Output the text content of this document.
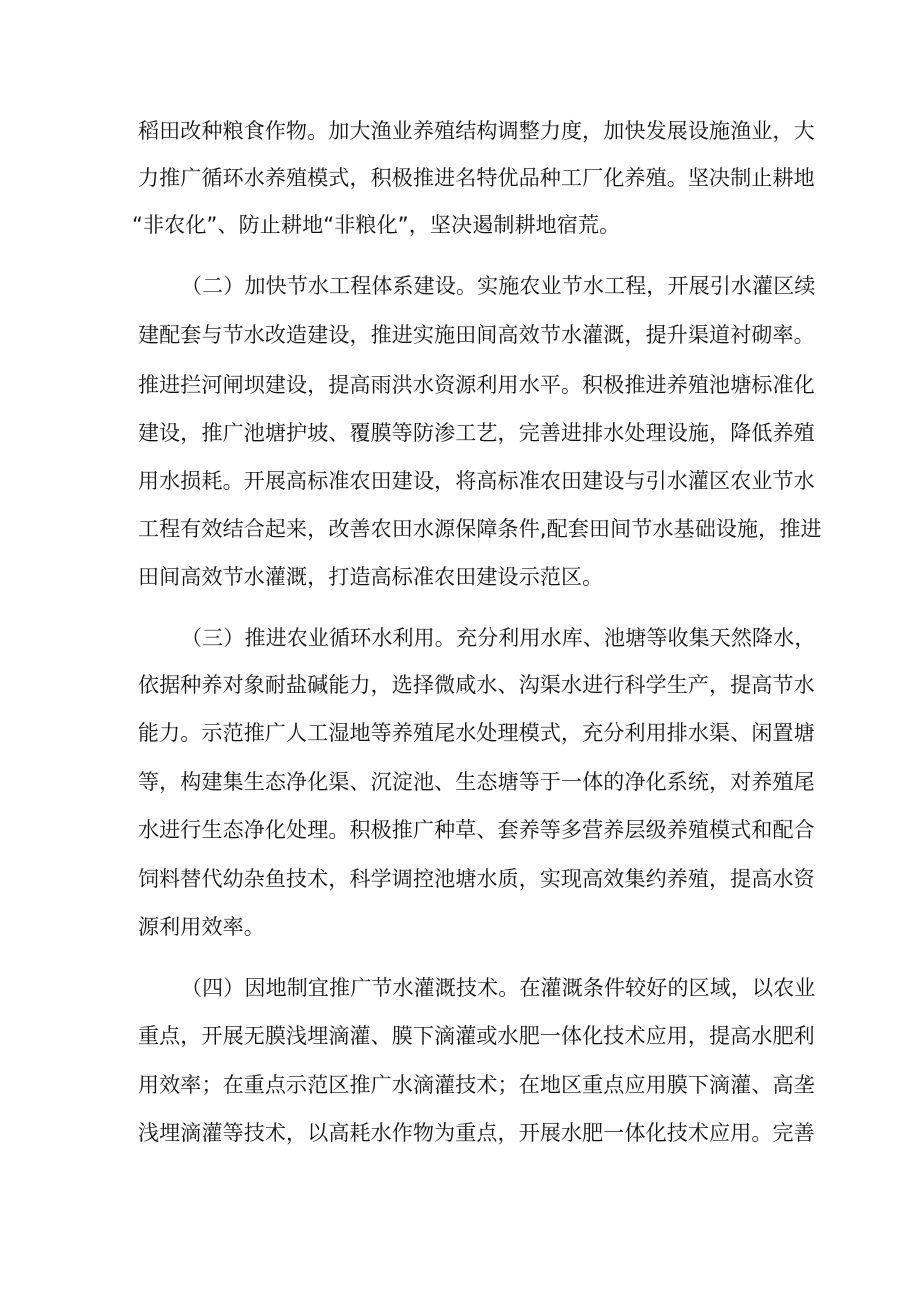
稻田改种粮食作物。加大渔业养殖结构调整力度，加快发展设施渔业，大
力推广循环水养殖模式，积极推进名特优品种工厂化养殖。坚决制止耕地
“非农化”、防止耕地“非粮化”，坚决遏制耕地宿荒。
（二）加快节水工程体系建设。实施农业节水工程，开展引水灌区续
建配套与节水改造建设，推进实施田间高效节水灌溉，提升渠道衬砌率。
推进拦河闸坝建设，提高雨洪水资源利用水平。积极推进养殖池塘标准化
建设，推广池塘护坡、覆膜等防渗工艺，完善进排水处理设施，降低养殖
用水损耗。开展高标准农田建设，将高标准农田建设与引水灌区农业节水
工程有效结合起来，改善农田水源保障条件,配套田间节水基础设施，推进
田间高效节水灌溉，打造高标准农田建设示范区。
（三）推进农业循环水利用。充分利用水库、池塘等收集天然降水，
依据种养对象耐盐碱能力，选择微咸水、沟渠水进行科学生产，提高节水
能力。示范推广人工湿地等养殖尾水处理模式，充分利用排水渠、闲置塘
等，构建集生态净化渠、沉淀池、生态塘等于一体的净化系统，对养殖尾
水进行生态净化处理。积极推广种草、套养等多营养层级养殖模式和配合
饲料替代幼杂鱼技术，科学调控池塘水质，实现高效集约养殖，提高水资
源利用效率。
（四）因地制宜推广节水灌溉技术。在灌溉条件较好的区域，以农业
重点，开展无膜浅埋滴灌、膜下滴灌或水肥一体化技术应用，提高水肥利
用效率；在重点示范区推广水滴灌技术；在地区重点应用膜下滴灌、高垄
浅埋滴灌等技术，以高耗水作物为重点，开展水肥一体化技术应用。完善
